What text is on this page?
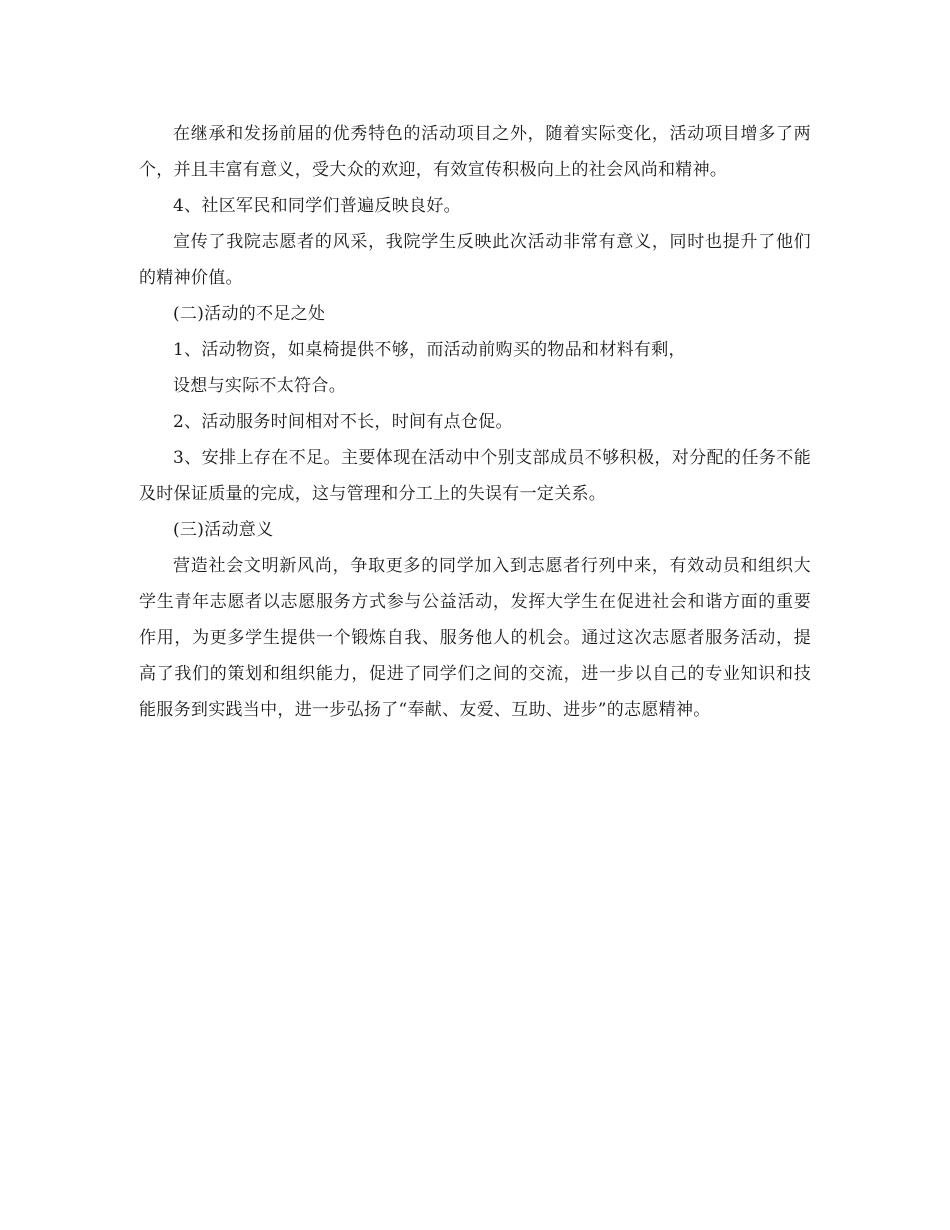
在继承和发扬前届的优秀特色的活动项目之外，随着实际变化，活动项目增多了两个，并且丰富有意义，受大众的欢迎，有效宣传积极向上的社会风尚和精神。

4、社区军民和同学们普遍反映良好。

宣传了我院志愿者的风采，我院学生反映此次活动非常有意义，同时也提升了他们的精神价值。

(二)活动的不足之处

1、活动物资，如桌椅提供不够，而活动前购买的物品和材料有剩，

设想与实际不太符合。

2、活动服务时间相对不长，时间有点仓促。

3、安排上存在不足。主要体现在活动中个别支部成员不够积极，对分配的任务不能及时保证质量的完成，这与管理和分工上的失误有一定关系。

(三)活动意义

营造社会文明新风尚，争取更多的同学加入到志愿者行列中来，有效动员和组织大学生青年志愿者以志愿服务方式参与公益活动，发挥大学生在促进社会和谐方面的重要作用，为更多学生提供一个锻炼自我、服务他人的机会。通过这次志愿者服务活动，提高了我们的策划和组织能力，促进了同学们之间的交流，进一步以自己的专业知识和技能服务到实践当中，进一步弘扬了“奉献、友爱、互助、进步”的志愿精神。
